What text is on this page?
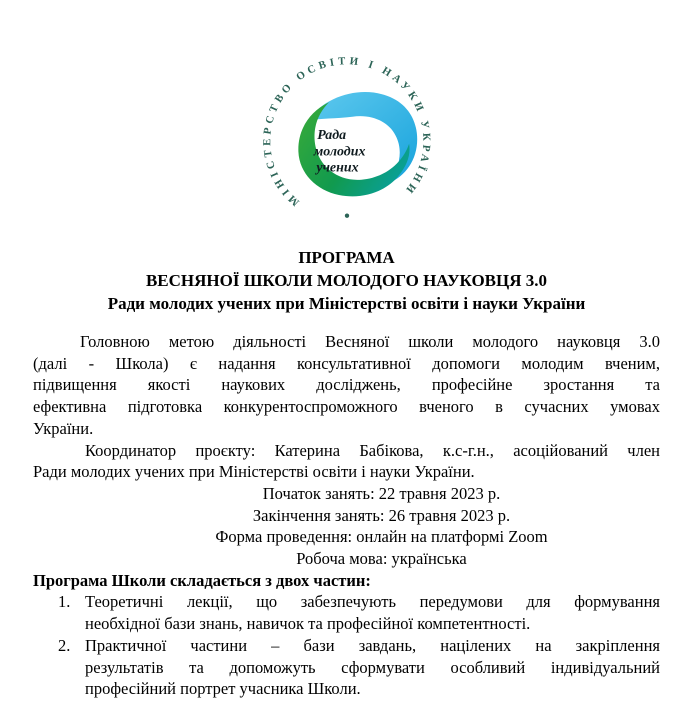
МІНІСТЕРСТВО ОСВІТИ І НАУКИ УКРАЇНИ
Рада
молодих
учених
ПРОГРАМА
ВЕСНЯНОЇ ШКОЛИ МОЛОДОГО НАУКОВЦЯ 3.0
Ради молодих учених при Міністерстві освіти і науки України
Головною метою діяльності Весняної школи молодого науковця 3.0
(далі - Школа) є надання консультативної допомоги молодим вченим,
підвищення якості наукових досліджень, професійне зростання та
ефективна підготовка конкурентоспроможного вченого в сучасних умовах
України.
Координатор проєкту: Катерина Бабікова, к.с-г.н., асоційований член
Ради молодих учених при Міністерстві освіти і науки України.
Початок занять: 22 травня 2023 р.
Закінчення занять: 26 травня 2023 р.
Форма проведення: онлайн на платформі Zoom
Робоча мова: українська
Програма Школи складається з двох частин:
1. Теоретичні лекції, що забезпечують передумови для формування
необхідної бази знань, навичок та професійної компетентності.
2. Практичної частини – бази завдань, націлених на закріплення
результатів та допоможуть сформувати особливий індивідуальний
професійний портрет учасника Школи.
